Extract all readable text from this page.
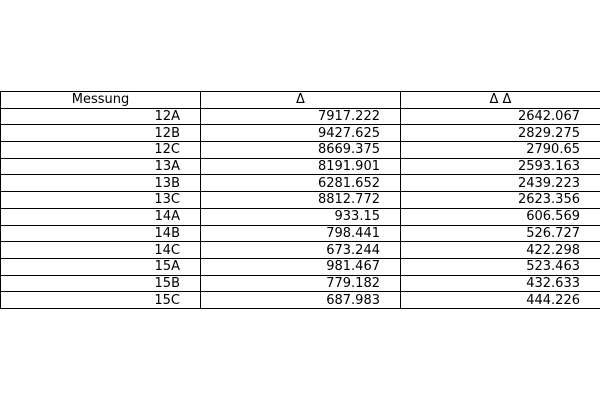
Messung	Δ	Δ Δ
12A	7917.222	2642.067
12B	9427.625	2829.275
12C	8669.375	2790.65
13A	8191.901	2593.163
13B	6281.652	2439.223
13C	8812.772	2623.356
14A	933.15	606.569
14B	798.441	526.727
14C	673.244	422.298
15A	981.467	523.463
15B	779.182	432.633
15C	687.983	444.226
